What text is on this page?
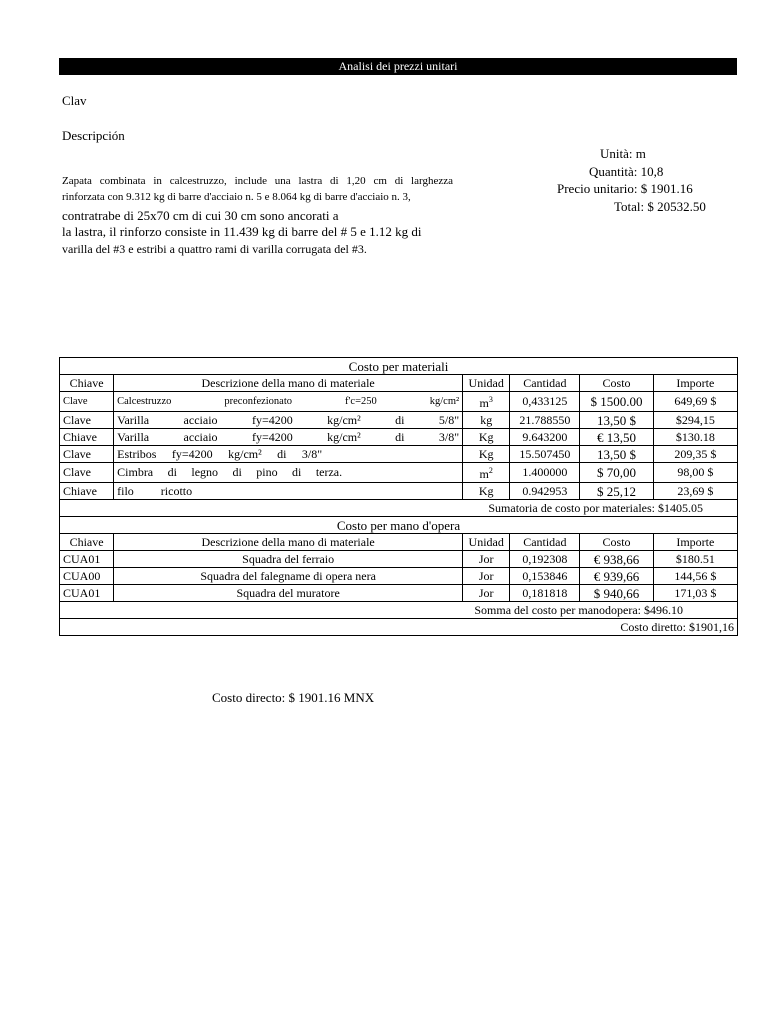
Analisi dei prezzi unitari
Clav
Descripción
Zapata combinata in calcestruzzo, include una lastra di 1,20 cm di larghezza
rinforzata con 9.312 kg di barre d'acciaio n. 5 e 8.064 kg di barre d'acciaio n. 3,
contratrabe di 25x70 cm di cui 30 cm sono ancorati a
la lastra, il rinforzo consiste in 11.439 kg di barre del # 5 e 1.12 kg di
varilla del #3 e estribi a quattro rami di varilla corrugata del #3.
Unità: m
Quantità: 10,8
Precio unitario: $ 1901.16
Total: $ 20532.50
Costo per materiali					
Chiave	Descrizione della mano di materiale	Unidad	Cantidad	Costo	Importe
Clave	Calcestruzzo preconfezionato f'c=250 kg/cm²	$m^3$	0,433125	$ 1500.00	649,69 $
Clave	Varilla acciaio fy=4200 kg/cm² di 5/8"	kg	21.788550	13,50 $	$294,15
Chiave	Varilla acciaio fy=4200 kg/cm² di 3/8"	Kg	9.643200	€ 13,50	$130.18
Clave	Estribos fy=4200 kg/cm² di 3/8"	Kg	15.507450	13,50 $	209,35 $
Clave	Cimbra di legno di pino di terza.	$m^2$	1.400000	$ 70,00	98,00 $
Chiave	filo ricotto	Kg	0.942953	$ 25,12	23,69 $
Sumatoria de costo por materiales: $1405.05					
Costo per mano d'opera					
Chiave	Descrizione della mano di materiale	Unidad	Cantidad	Costo	Importe
CUA01	Squadra del ferraio	Jor	0,192308	€ 938,66	$180.51
CUA00	Squadra del falegname di opera nera	Jor	0,153846	€ 939,66	144,56 $
CUA01	Squadra del muratore	Jor	0,181818	$ 940,66	171,03 $
Somma del costo per manodopera: $496.10					
Costo diretto: $1901,16					
Costo directo: $ 1901.16 MNX
